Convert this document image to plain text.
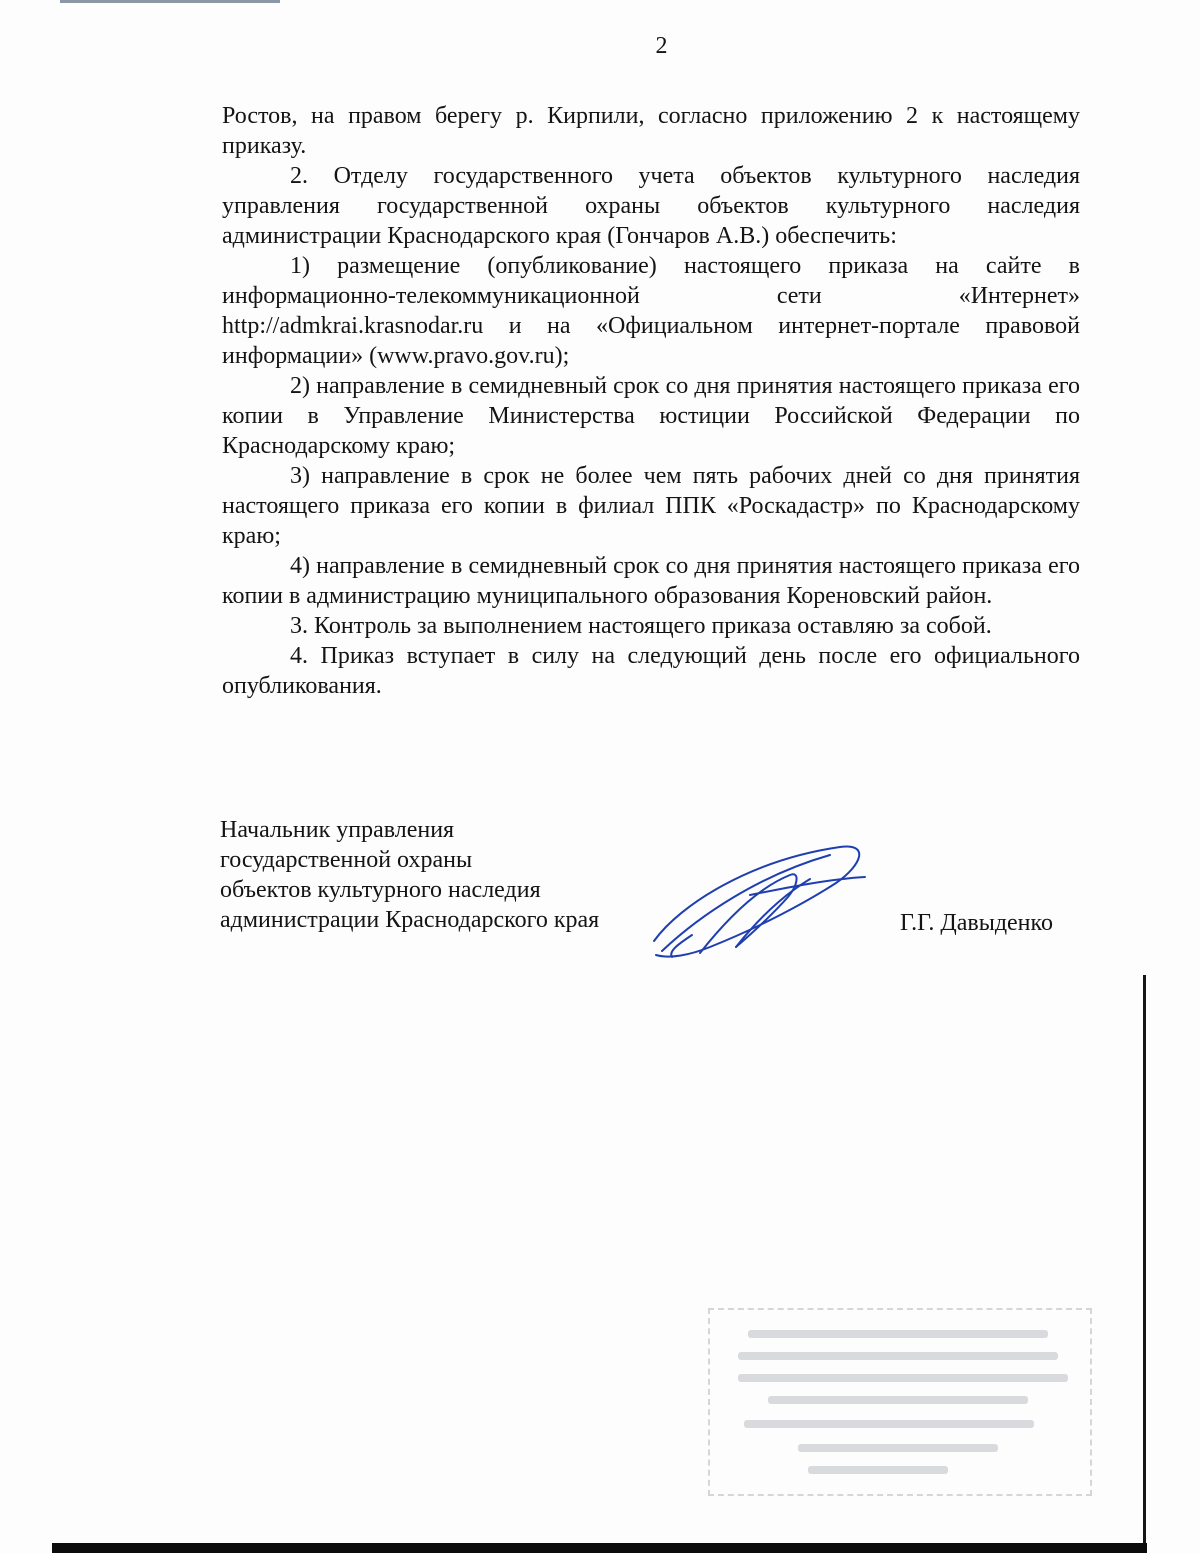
2

Ростов, на правом берегу р. Кирпили, согласно приложению 2 к настоящему приказу.

2. Отделу государственного учета объектов культурного наследия управления государственной охраны объектов культурного наследия администрации Краснодарского края (Гончаров А.В.) обеспечить:

1) размещение (опубликование) настоящего приказа на сайте в информационно-телекоммуникационной сети «Интернет» http://admkrai.krasnodar.ru и на «Официальном интернет-портале правовой информации» (www.pravo.gov.ru);

2) направление в семидневный срок со дня принятия настоящего приказа его копии в Управление Министерства юстиции Российской Федерации по Краснодарскому краю;

3) направление в срок не более чем пять рабочих дней со дня принятия настоящего приказа его копии в филиал ППК «Роскадастр» по Краснодарскому краю;

4) направление в семидневный срок со дня принятия настоящего приказа его копии в администрацию муниципального образования Кореновский район.

3. Контроль за выполнением настоящего приказа оставляю за собой.

4. Приказ вступает в силу на следующий день после его официального опубликования.

Начальник управления
государственной охраны
объектов культурного наследия
администрации Краснодарского края	Г.Г. Давыденко
